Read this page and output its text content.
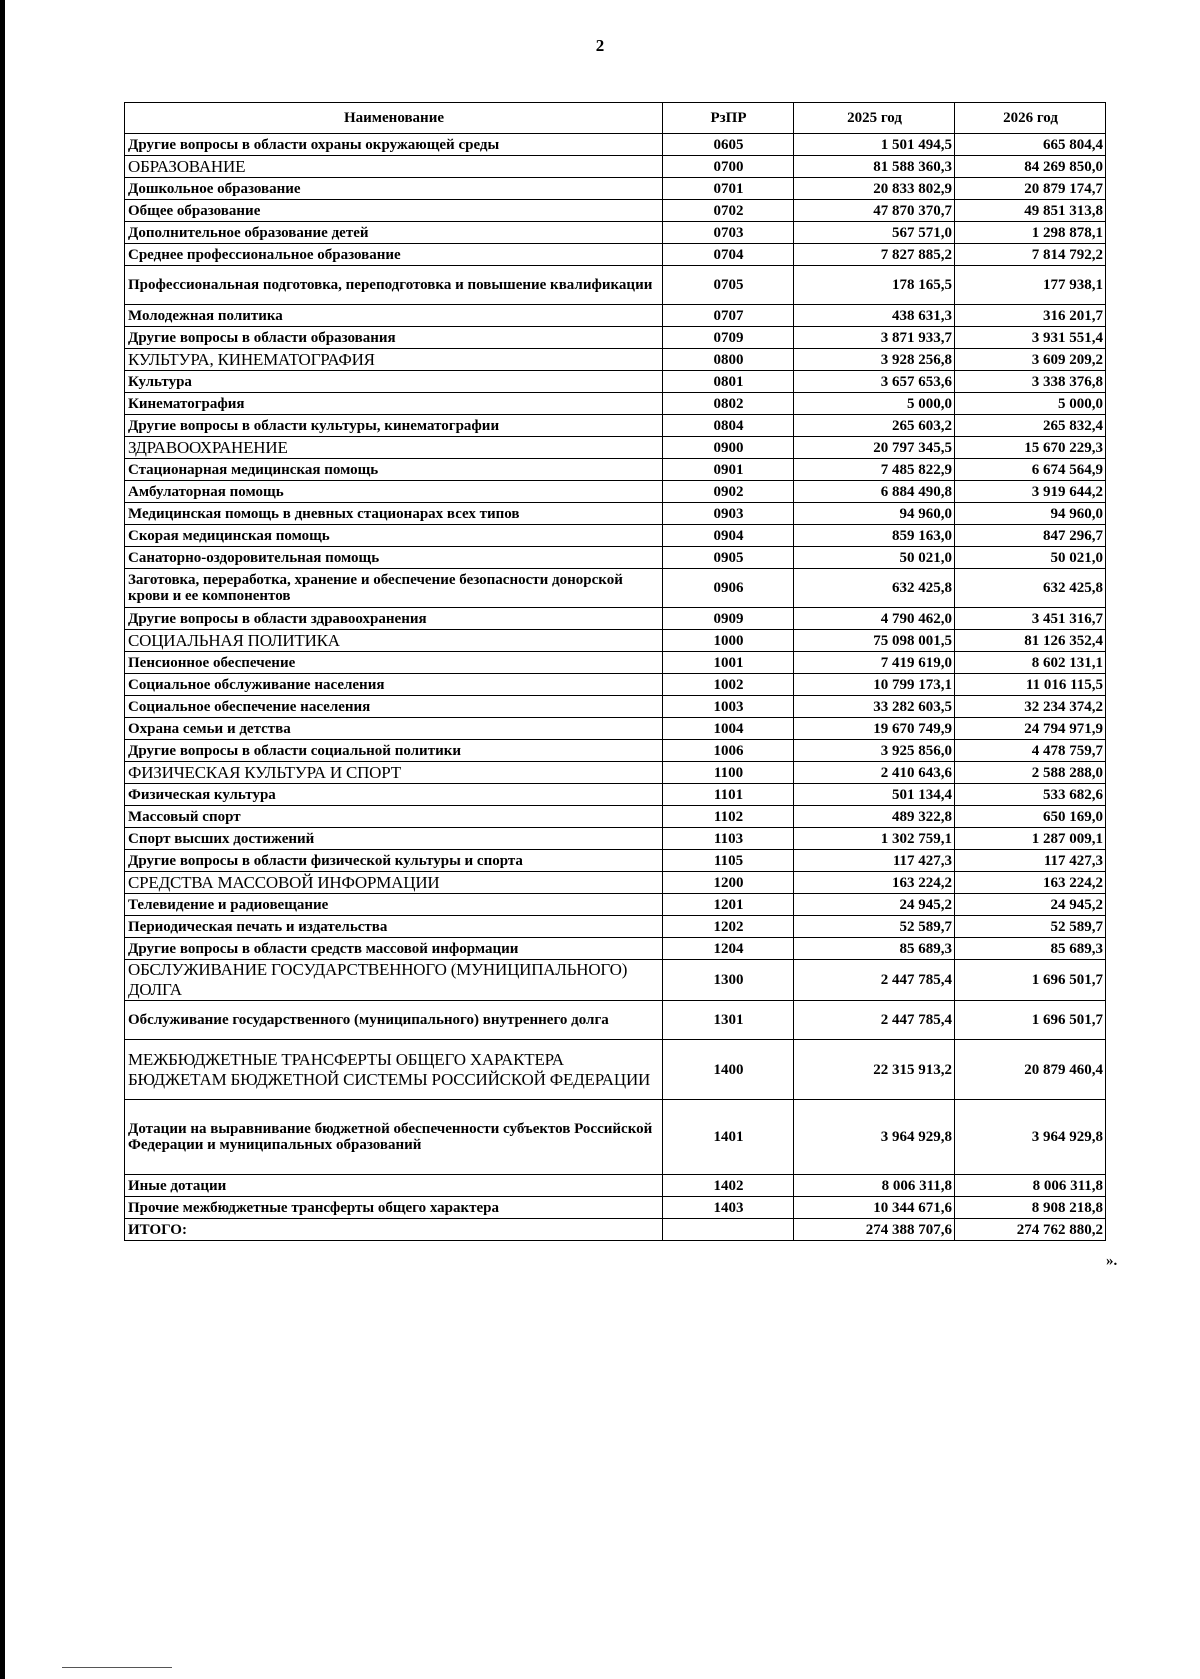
2
Наименование	РзПР	2025 год	2026 год
Другие вопросы в области охраны окружающей среды	0605	1 501 494,5	665 804,4
ОБРАЗОВАНИЕ	0700	81 588 360,3	84 269 850,0
Дошкольное образование	0701	20 833 802,9	20 879 174,7
Общее образование	0702	47 870 370,7	49 851 313,8
Дополнительное образование детей	0703	567 571,0	1 298 878,1
Среднее профессиональное образование	0704	7 827 885,2	7 814 792,2
Профессиональная подготовка, переподготовка и повышение квалификации	0705	178 165,5	177 938,1
Молодежная политика	0707	438 631,3	316 201,7
Другие вопросы в области образования	0709	3 871 933,7	3 931 551,4
КУЛЬТУРА, КИНЕМАТОГРАФИЯ	0800	3 928 256,8	3 609 209,2
Культура	0801	3 657 653,6	3 338 376,8
Кинематография	0802	5 000,0	5 000,0
Другие вопросы в области культуры, кинематографии	0804	265 603,2	265 832,4
ЗДРАВООХРАНЕНИЕ	0900	20 797 345,5	15 670 229,3
Стационарная медицинская помощь	0901	7 485 822,9	6 674 564,9
Амбулаторная помощь	0902	6 884 490,8	3 919 644,2
Медицинская помощь в дневных стационарах всех типов	0903	94 960,0	94 960,0
Скорая медицинская помощь	0904	859 163,0	847 296,7
Санаторно-оздоровительная помощь	0905	50 021,0	50 021,0
Заготовка, переработка, хранение и обеспечение безопасности донорской крови и ее компонентов	0906	632 425,8	632 425,8
Другие вопросы в области здравоохранения	0909	4 790 462,0	3 451 316,7
СОЦИАЛЬНАЯ ПОЛИТИКА	1000	75 098 001,5	81 126 352,4
Пенсионное обеспечение	1001	7 419 619,0	8 602 131,1
Социальное обслуживание населения	1002	10 799 173,1	11 016 115,5
Социальное обеспечение населения	1003	33 282 603,5	32 234 374,2
Охрана семьи и детства	1004	19 670 749,9	24 794 971,9
Другие вопросы в области социальной политики	1006	3 925 856,0	4 478 759,7
ФИЗИЧЕСКАЯ КУЛЬТУРА И СПОРТ	1100	2 410 643,6	2 588 288,0
Физическая культура	1101	501 134,4	533 682,6
Массовый спорт	1102	489 322,8	650 169,0
Спорт высших достижений	1103	1 302 759,1	1 287 009,1
Другие вопросы в области физической культуры и спорта	1105	117 427,3	117 427,3
СРЕДСТВА МАССОВОЙ ИНФОРМАЦИИ	1200	163 224,2	163 224,2
Телевидение и радиовещание	1201	24 945,2	24 945,2
Периодическая печать и издательства	1202	52 589,7	52 589,7
Другие вопросы в области средств массовой информации	1204	85 689,3	85 689,3
ОБСЛУЖИВАНИЕ ГОСУДАРСТВЕННОГО (МУНИЦИПАЛЬНОГО) ДОЛГА	1300	2 447 785,4	1 696 501,7
Обслуживание государственного (муниципального) внутреннего долга	1301	2 447 785,4	1 696 501,7
МЕЖБЮДЖЕТНЫЕ ТРАНСФЕРТЫ ОБЩЕГО ХАРАКТЕРА БЮДЖЕТАМ БЮДЖЕТНОЙ СИСТЕМЫ РОССИЙСКОЙ ФЕДЕРАЦИИ	1400	22 315 913,2	20 879 460,4
Дотации на выравнивание бюджетной обеспеченности субъектов Российской Федерации и муниципальных образований	1401	3 964 929,8	3 964 929,8
Иные дотации	1402	8 006 311,8	8 006 311,8
Прочие межбюджетные трансферты общего характера	1403	10 344 671,6	8 908 218,8
ИТОГО:		274 388 707,6	274 762 880,2
».
